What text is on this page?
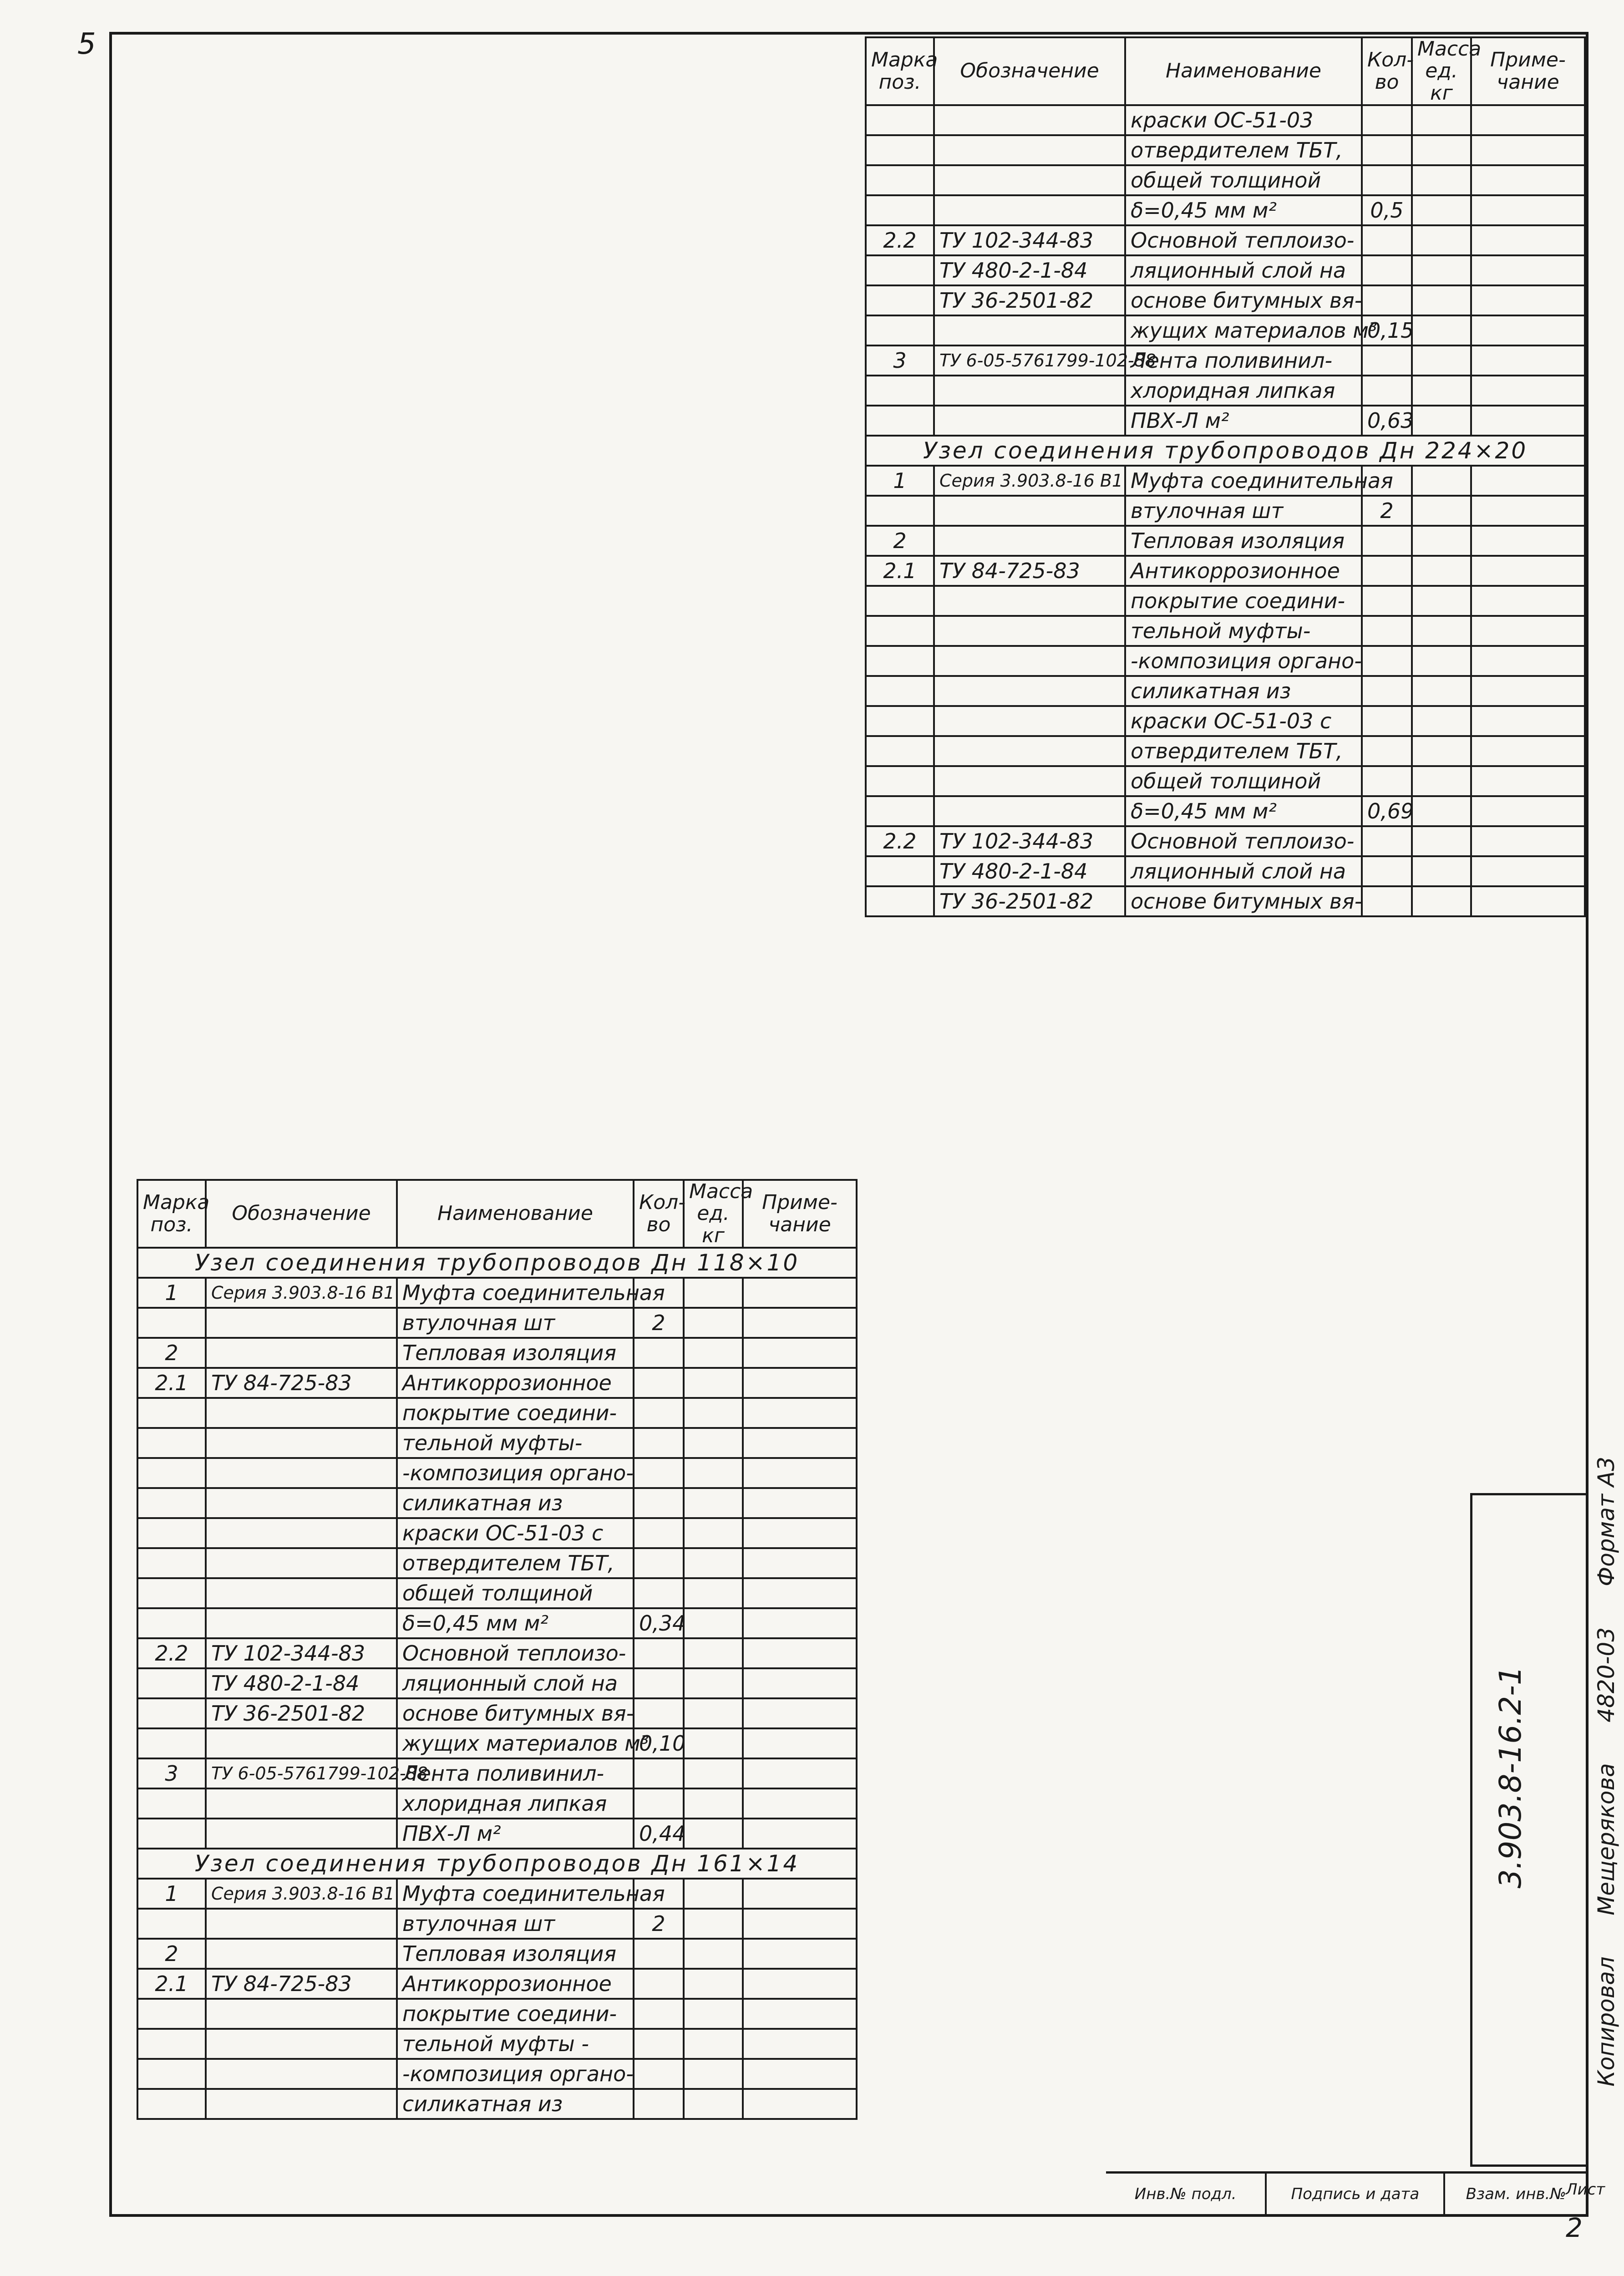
5
Инв.№ подл.	Подпись и дата	Взам. инв.№
Марка поз.	Обозначение	Наименование	Кол-во	Масса ед. кг	Приме-чание
Узел соединения трубопроводов Дн 118×10					
1	Серия 3.903.8-16 В1	Муфта соединительная			
		втулочная шт	2		
2		Тепловая изоляция			
2.1	ТУ 84-725-83	Антикоррозионное			
		покрытие соедини-			
		тельной муфты-			
		-композиция органо-			
		силикатная из			
		краски ОС-51-03 с			
		отвердителем ТБТ,			
		общей толщиной			
		δ=0,45 мм м²	0,34		
2.2	ТУ 102-344-83	Основной теплоизо-			
	ТУ 480-2-1-84	ляционный слой на			
	ТУ 36-2501-82	основе битумных вя-			
		жущих материалов м³	0,10		
3	ТУ 6-05-5761799-102-88	Лента поливинил-			
		хлоридная липкая			
		ПВХ-Л м²	0,44		
Узел соединения трубопроводов Дн 161×14					
1	Серия 3.903.8-16 В1	Муфта соединительная			
		втулочная шт	2		
2		Тепловая изоляция			
2.1	ТУ 84-725-83	Антикоррозионное			
		покрытие соедини-			
		тельной муфты -			
		-композиция органо-			
		силикатная из			
Марка поз.	Обозначение	Наименование	Кол-во	Масса ед. кг	Приме-чание
		краски ОС-51-03			
		отвердителем ТБТ,			
		общей толщиной			
		δ=0,45 мм м²	0,5		
2.2	ТУ 102-344-83	Основной теплоизо-			
	ТУ 480-2-1-84	ляционный слой на			
	ТУ 36-2501-82	основе битумных вя-			
		жущих материалов м³	0,15		
3	ТУ 6-05-5761799-102-88	Лента поливинил-			
		хлоридная липкая			
		ПВХ-Л м²	0,63		
Узел соединения трубопроводов Дн 224×20					
1	Серия 3.903.8-16 В1	Муфта соединительная			
		втулочная шт	2		
2		Тепловая изоляция			
2.1	ТУ 84-725-83	Антикоррозионное			
		покрытие соедини-			
		тельной муфты-			
		-композиция органо-			
		силикатная из			
		краски ОС-51-03 с			
		отвердителем ТБТ,			
		общей толщиной			
		δ=0,45 мм м²	0,69		
2.2	ТУ 102-344-83	Основной теплоизо-			
	ТУ 480-2-1-84	ляционный слой на			
	ТУ 36-2501-82	основе битумных вя-			
3.903.8-16.2-1
Лист
2
Копировал
Мещерякова
4820-03
Формат А3
